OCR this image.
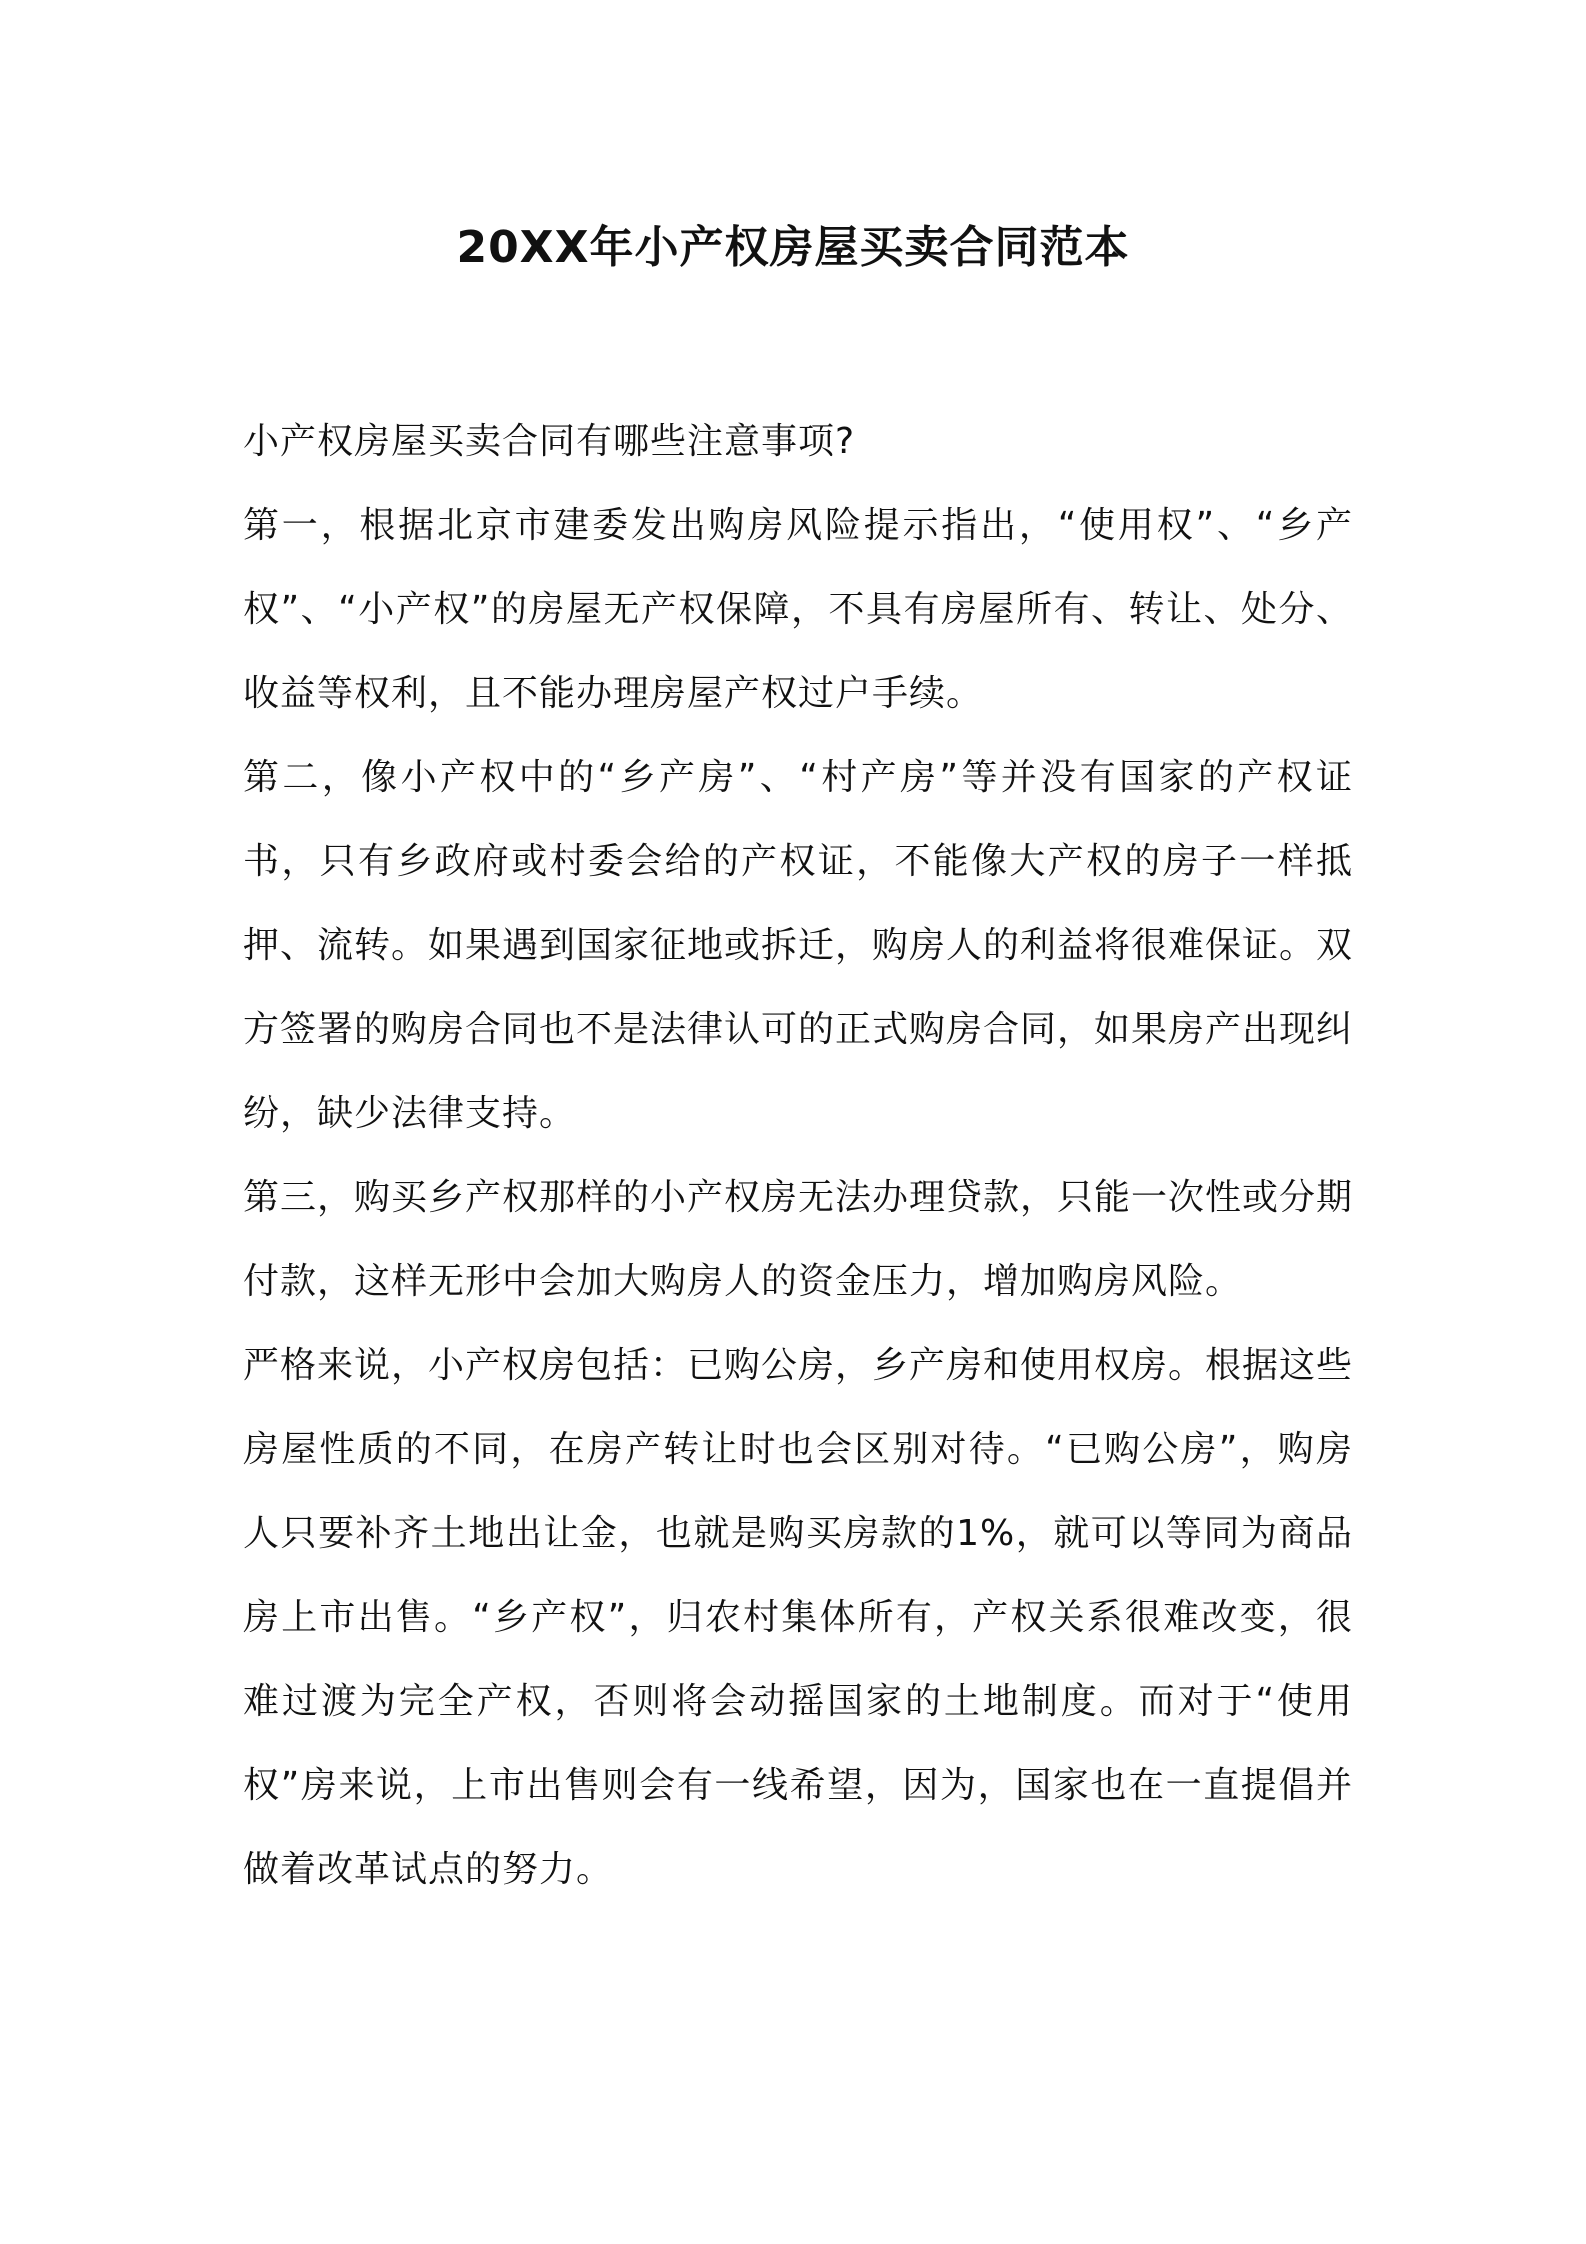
20XX年小产权房屋买卖合同范本

小产权房屋买卖合同有哪些注意事项?

第一，根据北京市建委发出购房风险提示指出，“使用权”、“乡产权”、“小产权”的房屋无产权保障，不具有房屋所有、转让、处分、收益等权利，且不能办理房屋产权过户手续。

第二，像小产权中的“乡产房”、“村产房”等并没有国家的产权证书，只有乡政府或村委会给的产权证，不能像大产权的房子一样抵押、流转。如果遇到国家征地或拆迁，购房人的利益将很难保证。双方签署的购房合同也不是法律认可的正式购房合同，如果房产出现纠纷，缺少法律支持。

第三，购买乡产权那样的小产权房无法办理贷款，只能一次性或分期付款，这样无形中会加大购房人的资金压力，增加购房风险。

严格来说，小产权房包括：已购公房，乡产房和使用权房。根据这些房屋性质的不同，在房产转让时也会区别对待。“已购公房”，购房人只要补齐土地出让金，也就是购买房款的1%，就可以等同为商品房上市出售。“乡产权”，归农村集体所有，产权关系很难改变，很难过渡为完全产权，否则将会动摇国家的土地制度。而对于“使用权”房来说，上市出售则会有一线希望，因为，国家也在一直提倡并做着改革试点的努力。
